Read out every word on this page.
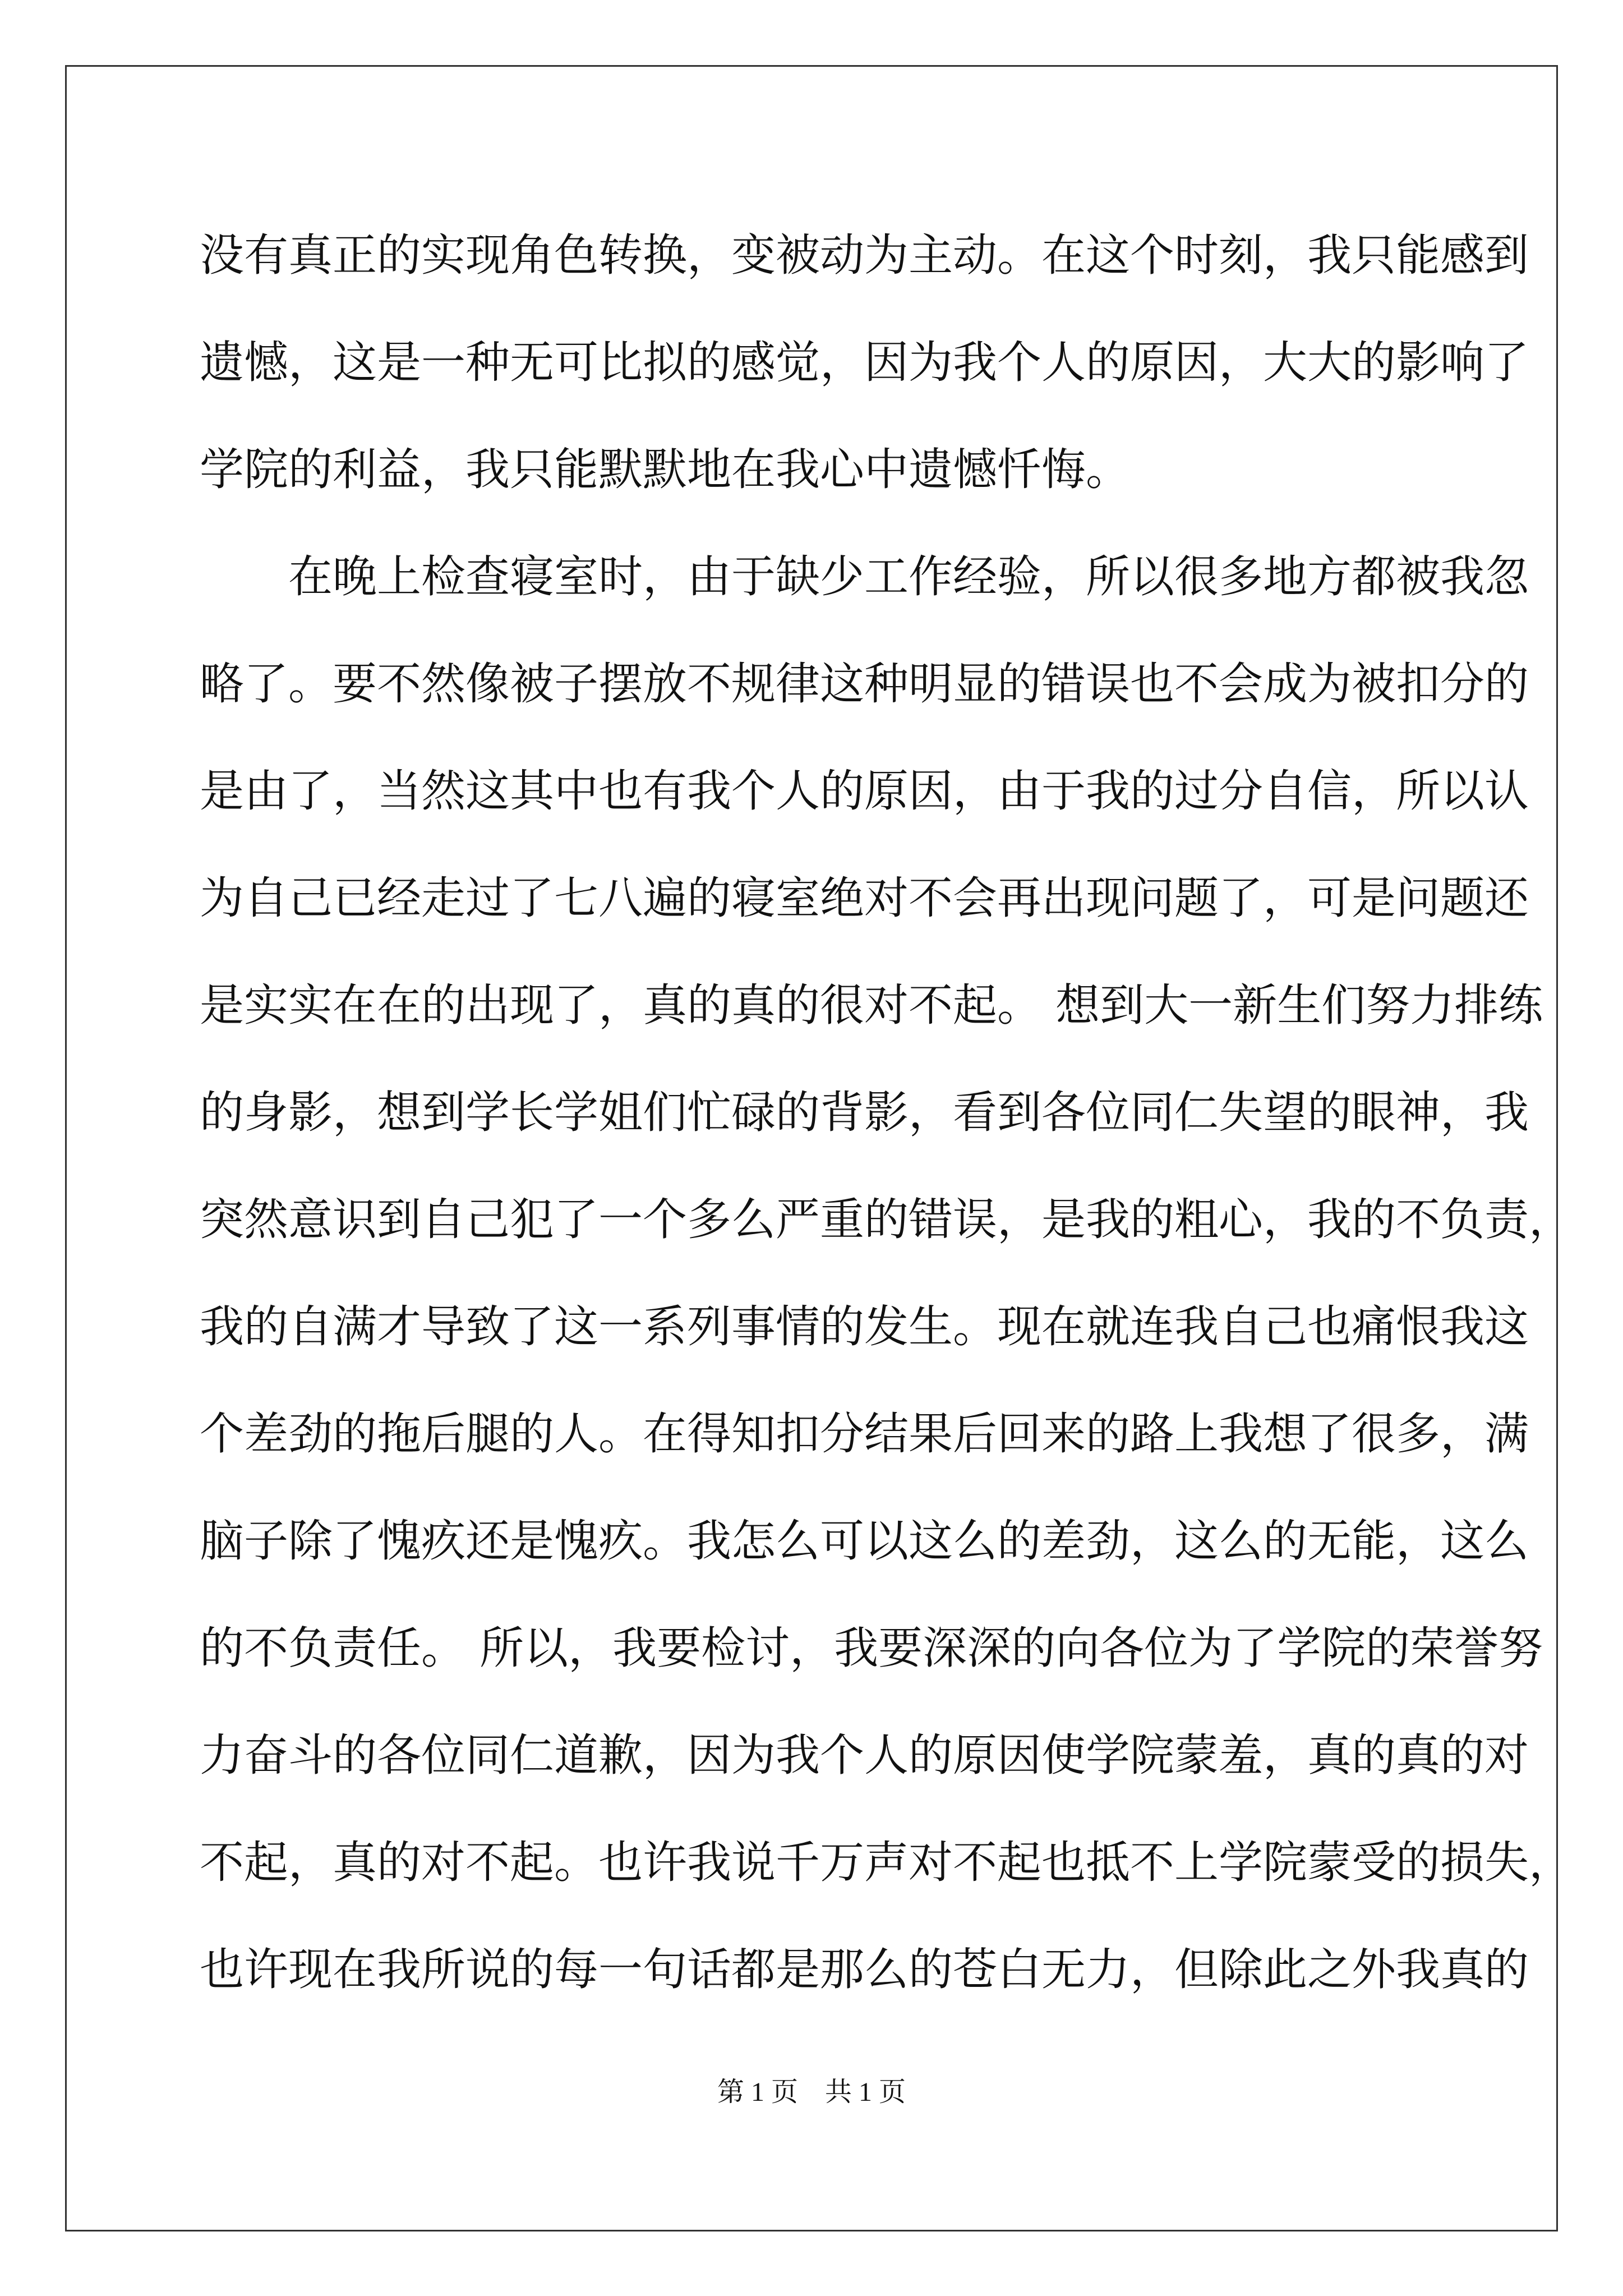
没有真正的实现角色转换，变被动为主动。在这个时刻，我只能感到
遗憾，这是一种无可比拟的感觉，因为我个人的原因，大大的影响了
学院的利益，我只能默默地在我心中遗憾忏悔。
在晚上检查寝室时，由于缺少工作经验，所以很多地方都被我忽
略了。要不然像被子摆放不规律这种明显的错误也不会成为被扣分的
是由了，当然这其中也有我个人的原因，由于我的过分自信，所以认
为自己已经走过了七八遍的寝室绝对不会再出现问题了，可是问题还
是实实在在的出现了，真的真的很对不起。 想到大一新生们努力排练
的身影，想到学长学姐们忙碌的背影，看到各位同仁失望的眼神，我
突然意识到自己犯了一个多么严重的错误，是我的粗心，我的不负责，
我的自满才导致了这一系列事情的发生。现在就连我自己也痛恨我这
个差劲的拖后腿的人。在得知扣分结果后回来的路上我想了很多，满
脑子除了愧疚还是愧疚。我怎么可以这么的差劲，这么的无能，这么
的不负责任。 所以，我要检讨，我要深深的向各位为了学院的荣誉努
力奋斗的各位同仁道歉，因为我个人的原因使学院蒙羞，真的真的对
不起，真的对不起。也许我说千万声对不起也抵不上学院蒙受的损失，
也许现在我所说的每一句话都是那么的苍白无力，但除此之外我真的
第 1 页　共 1 页
